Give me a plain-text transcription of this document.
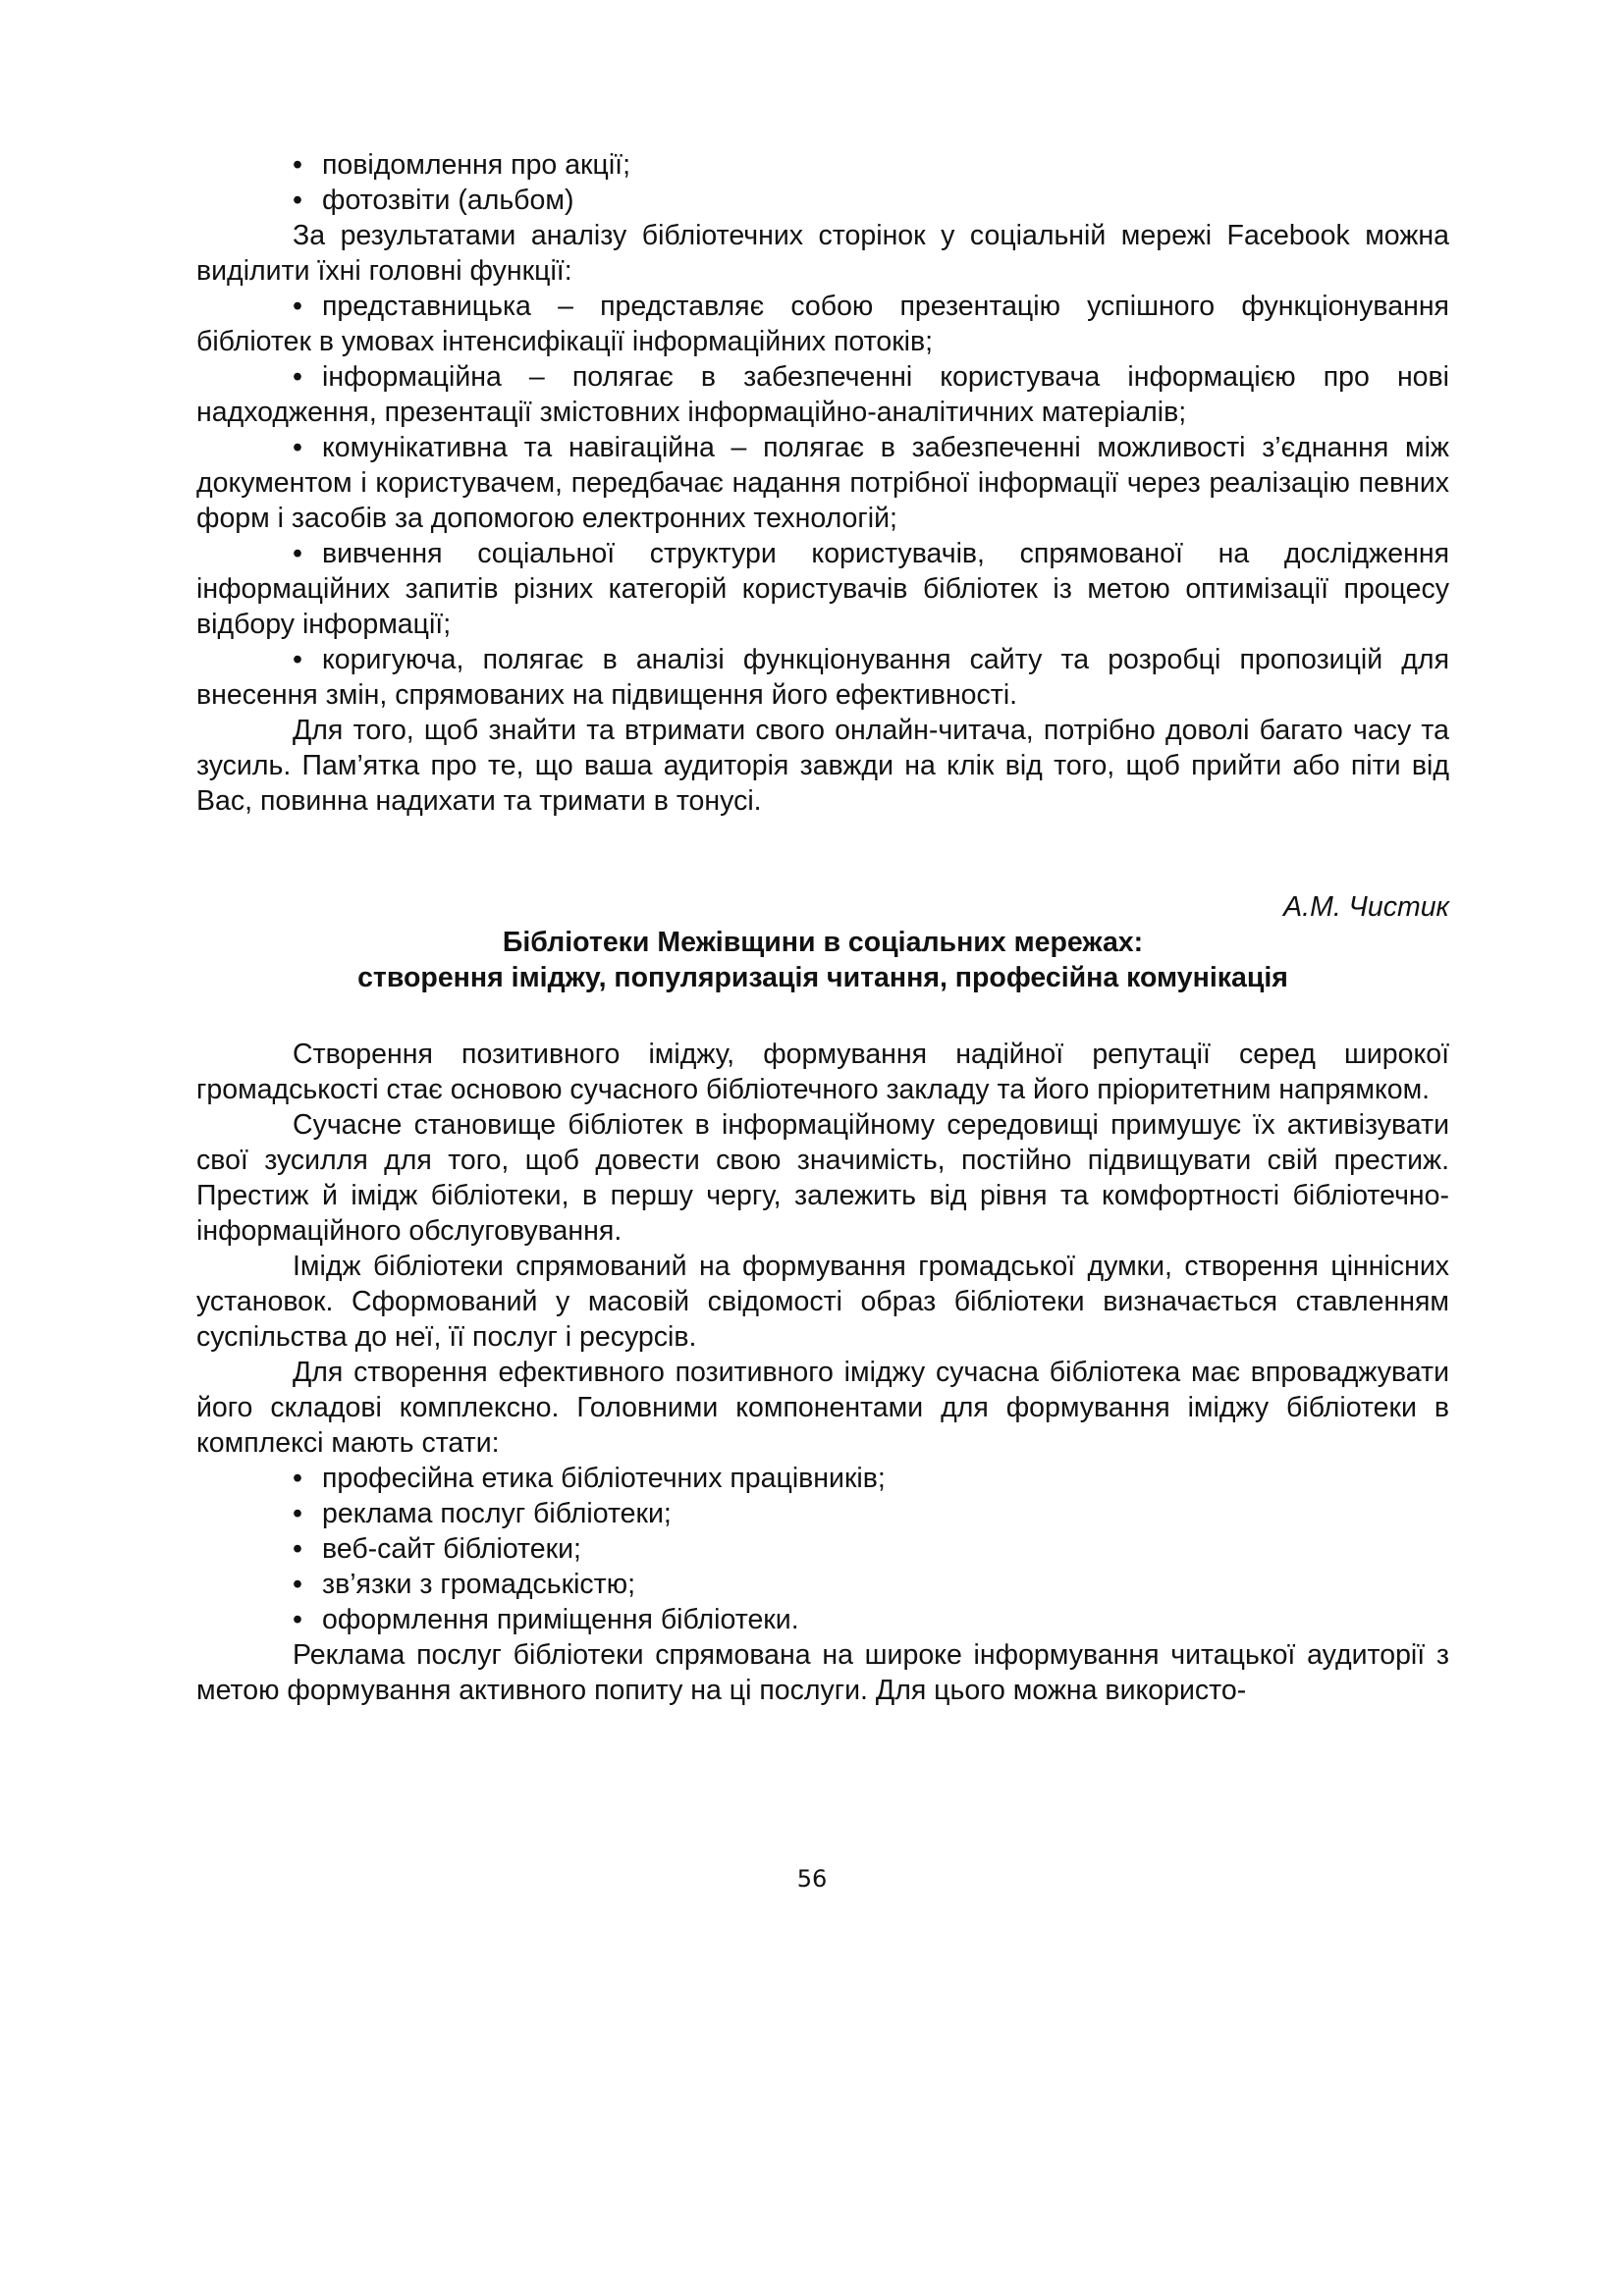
• повідомлення про акції;
• фотозвіти (альбом)

За результатами аналізу бібліотечних сторінок у соціальній мережі Facebook можна виділити їхні головні функції:

• представницька – представляє собою презентацію успішного функціонування бібліотек в умовах інтенсифікації інформаційних потоків;
• інформаційна – полягає в забезпеченні користувача інформацією про нові надходження, презентації змістовних інформаційно-аналітичних матеріалів;
• комунікативна та навігаційна – полягає в забезпеченні можливості з’єднання між документом і користувачем, передбачає надання потрібної інформації через реалізацію певних форм і засобів за допомогою електронних технологій;
• вивчення соціальної структури користувачів, спрямованої на дослідження інформаційних запитів різних категорій користувачів бібліотек із метою оптимізації процесу відбору інформації;
• коригуюча, полягає в аналізі функціонування сайту та розробці пропозицій для внесення змін, спрямованих на підвищення його ефективності.

Для того, щоб знайти та втримати свого онлайн-читача, потрібно доволі багато часу та зусиль. Пам’ятка про те, що ваша аудиторія завжди на клік від того, щоб прийти або піти від Вас, повинна надихати та тримати в тонусі.

А.М. Чистик

Бібліотеки Межівщини в соціальних мережах:

створення іміджу, популяризація читання, професійна комунікація

Створення позитивного іміджу, формування надійної репутації серед широкої громадськості стає основою сучасного бібліотечного закладу та його пріоритетним напрямком.

Сучасне становище бібліотек в інформаційному середовищі примушує їх активізувати свої зусилля для того, щоб довести свою значимість, постійно підвищувати свій престиж. Престиж й імідж бібліотеки, в першу чергу, залежить від рівня та комфортності бібліотечно-інформаційного обслуговування.

Імідж бібліотеки спрямований на формування громадської думки, створення ціннісних установок. Сформований у масовій свідомості образ бібліотеки визначається ставленням суспільства до неї, її послуг і ресурсів.

Для створення ефективного позитивного іміджу сучасна бібліотека має впроваджувати його складові комплексно. Головними компонентами для формування іміджу бібліотеки в комплексі мають стати:

• професійна етика бібліотечних працівників;
• реклама послуг бібліотеки;
• веб-сайт бібліотеки;
• зв’язки з громадськістю;
• оформлення приміщення бібліотеки.

Реклама послуг бібліотеки спрямована на широке інформування читацької аудиторії з метою формування активного попиту на ці послуги. Для цього можна використо-

56
